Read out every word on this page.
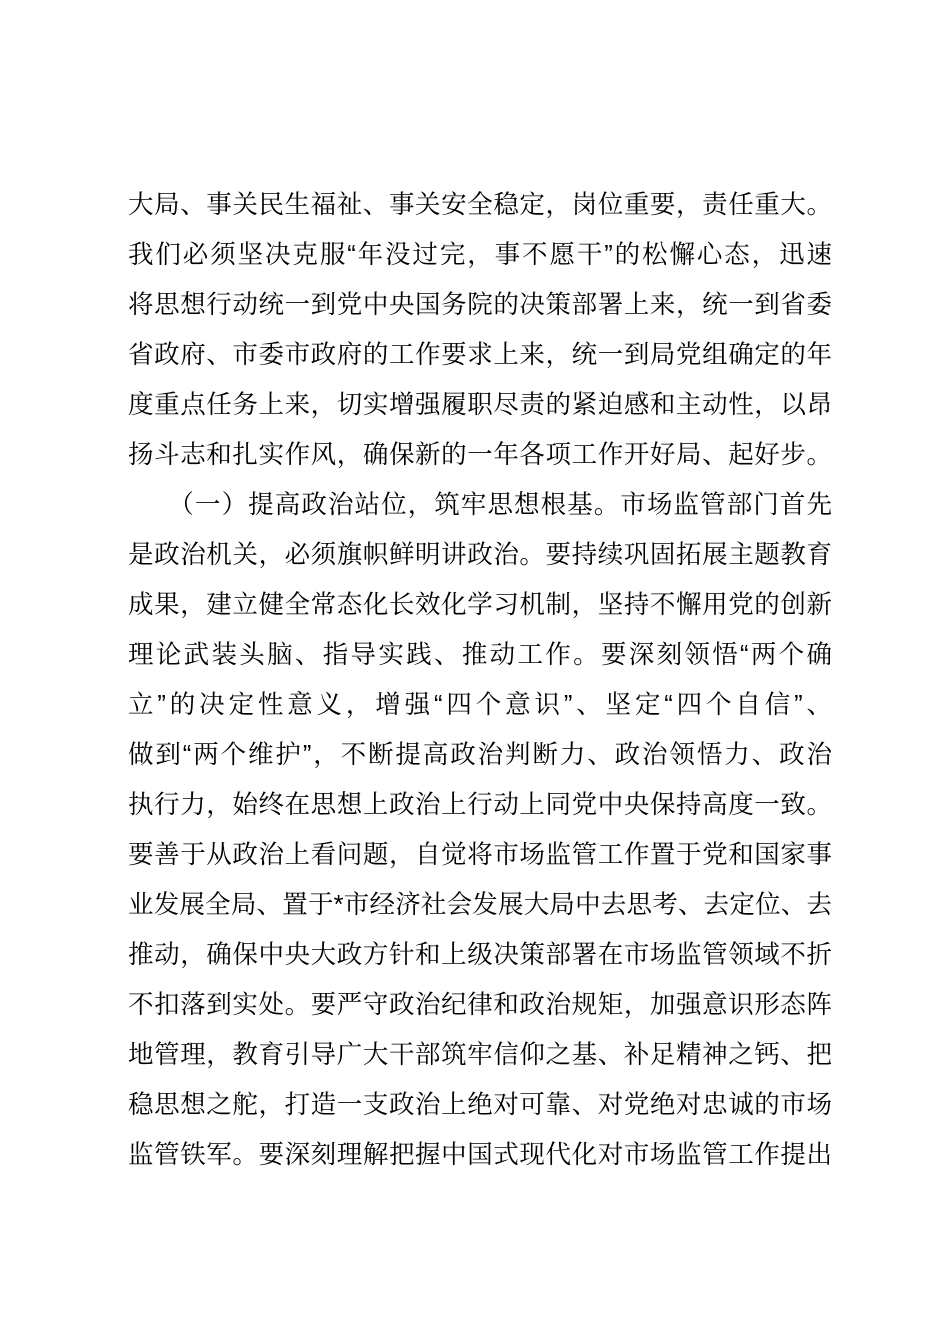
大局、事关民生福祉、事关安全稳定，岗位重要，责任重大。
我们必须坚决克服“年没过完，事不愿干”的松懈心态，迅速
将思想行动统一到党中央国务院的决策部署上来，统一到省委
省政府、市委市政府的工作要求上来，统一到局党组确定的年
度重点任务上来，切实增强履职尽责的紧迫感和主动性，以昂
扬斗志和扎实作风，确保新的一年各项工作开好局、起好步。
　　（一）提高政治站位，筑牢思想根基。市场监管部门首先
是政治机关，必须旗帜鲜明讲政治。要持续巩固拓展主题教育
成果，建立健全常态化长效化学习机制，坚持不懈用党的创新
理论武装头脑、指导实践、推动工作。要深刻领悟“两个确
立”的决定性意义，增强“四个意识”、坚定“四个自信”、
做到“两个维护”，不断提高政治判断力、政治领悟力、政治
执行力，始终在思想上政治上行动上同党中央保持高度一致。
要善于从政治上看问题，自觉将市场监管工作置于党和国家事
业发展全局、置于*市经济社会发展大局中去思考、去定位、去
推动，确保中央大政方针和上级决策部署在市场监管领域不折
不扣落到实处。要严守政治纪律和政治规矩，加强意识形态阵
地管理，教育引导广大干部筑牢信仰之基、补足精神之钙、把
稳思想之舵，打造一支政治上绝对可靠、对党绝对忠诚的市场
监管铁军。要深刻理解把握中国式现代化对市场监管工作提出
